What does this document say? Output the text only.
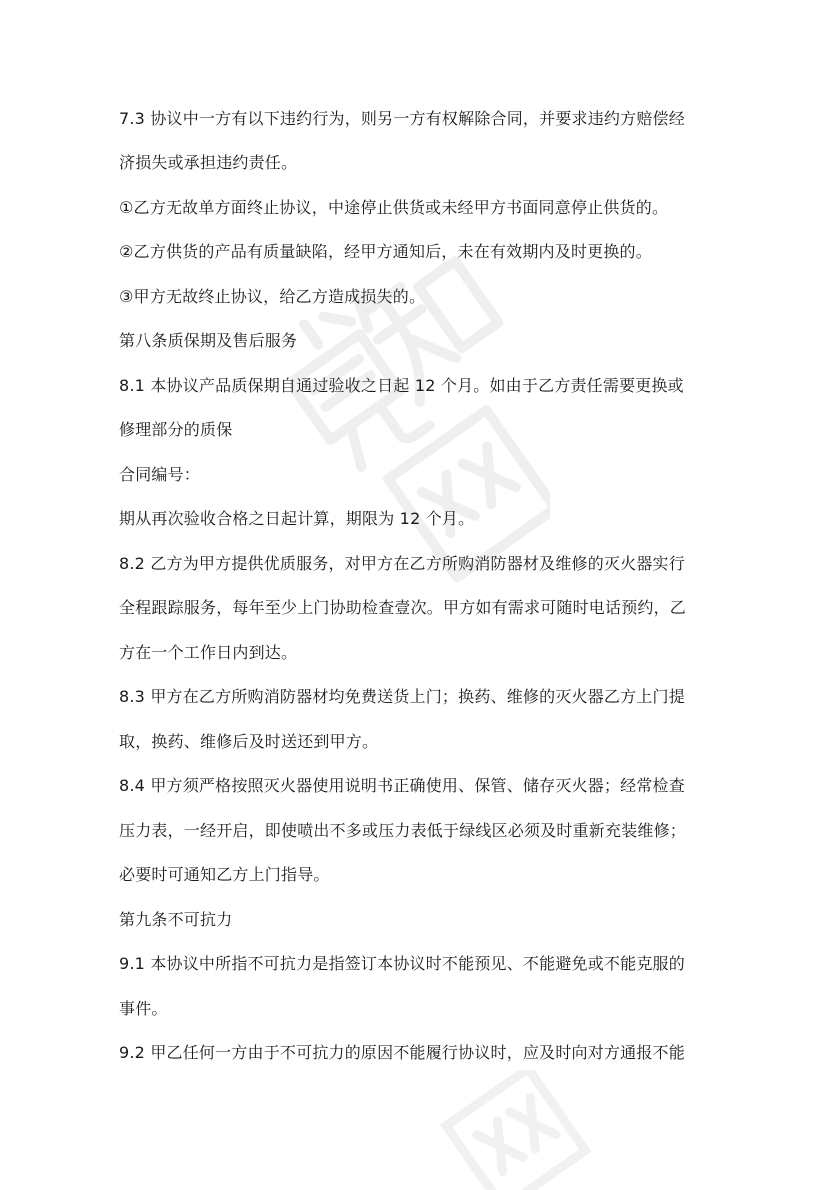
7.3 协议中一方有以下违约行为，则另一方有权解除合同，并要求违约方赔偿经
济损失或承担违约责任。
①乙方无故单方面终止协议，中途停止供货或未经甲方书面同意停止供货的。
②乙方供货的产品有质量缺陷，经甲方通知后，未在有效期内及时更换的。
③甲方无故终止协议，给乙方造成损失的。
第八条质保期及售后服务
8.1 本协议产品质保期自通过验收之日起 12 个月。如由于乙方责任需要更换或
修理部分的质保
合同编号：
期从再次验收合格之日起计算，期限为 12 个月。
8.2 乙方为甲方提供优质服务，对甲方在乙方所购消防器材及维修的灭火器实行
全程跟踪服务，每年至少上门协助检查壹次。甲方如有需求可随时电话预约，乙
方在一个工作日内到达。
8.3 甲方在乙方所购消防器材均免费送货上门；换药、维修的灭火器乙方上门提
取，换药、维修后及时送还到甲方。
8.4 甲方须严格按照灭火器使用说明书正确使用、保管、储存灭火器；经常检查
压力表，一经开启，即使喷出不多或压力表低于绿线区必须及时重新充装维修；
必要时可通知乙方上门指导。
第九条不可抗力
9.1 本协议中所指不可抗力是指签订本协议时不能预见、不能避免或不能克服的
事件。
9.2 甲乙任何一方由于不可抗力的原因不能履行协议时，应及时向对方通报不能
